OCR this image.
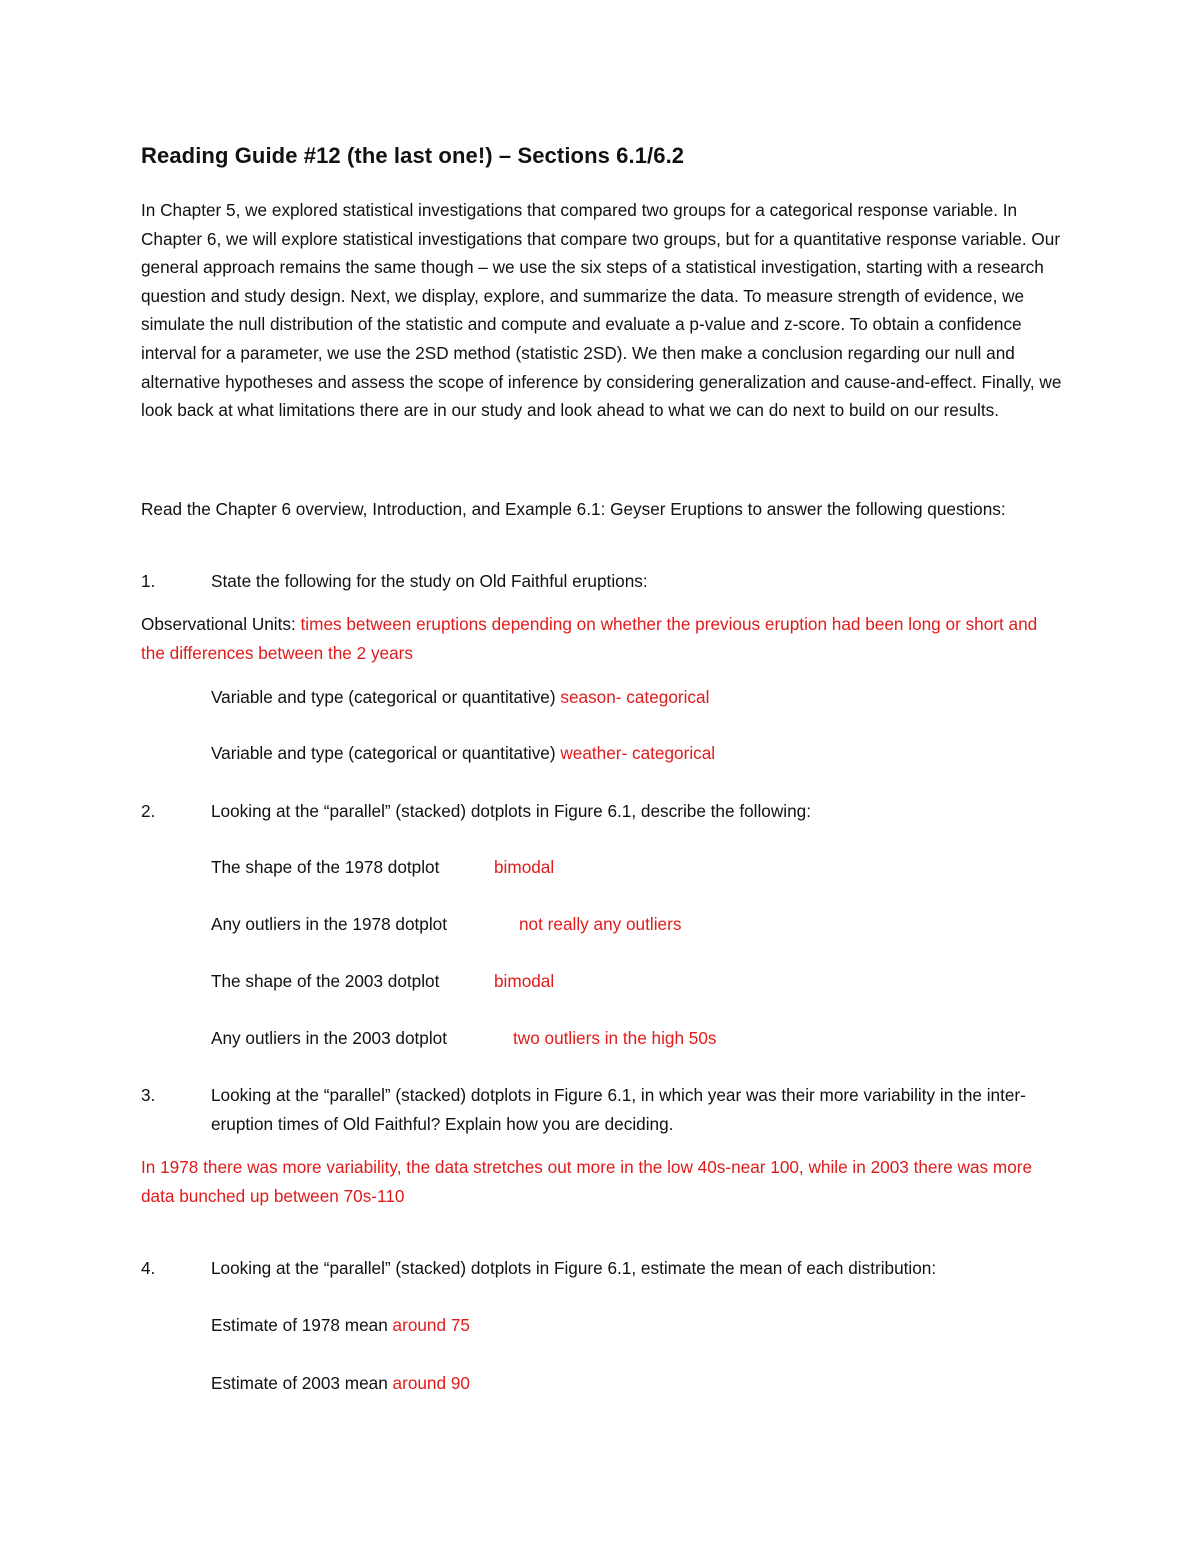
Reading Guide #12 (the last one!) – Sections 6.1/6.2
In Chapter 5, we explored statistical investigations that compared two groups for a categorical response variable. In Chapter 6, we will explore statistical investigations that compare two groups, but for a quantitative response variable. Our general approach remains the same though – we use the six steps of a statistical investigation, starting with a research question and study design. Next, we display, explore, and summarize the data. To measure strength of evidence, we simulate the null distribution of the statistic and compute and evaluate a p-value and z-score. To obtain a confidence interval for a parameter, we use the 2SD method (statistic 2SD). We then make a conclusion regarding our null and alternative hypotheses and assess the scope of inference by considering generalization and cause-and-effect. Finally, we look back at what limitations there are in our study and look ahead to what we can do next to build on our results.
Read the Chapter 6 overview, Introduction, and Example 6.1: Geyser Eruptions to answer the following questions:
1.	State the following for the study on Old Faithful eruptions:
Observational Units: times between eruptions depending on whether the previous eruption had been long or short and the differences between the 2 years
Variable and type (categorical or quantitative) season- categorical
Variable and type (categorical or quantitative) weather- categorical
2.	Looking at the “parallel” (stacked) dotplots in Figure 6.1, describe the following:
The shape of the 1978 dotplot	bimodal
Any outliers in the 1978 dotplot	not really any outliers
The shape of the 2003 dotplot	bimodal
Any outliers in the 2003 dotplot	two outliers in the high 50s
3.	Looking at the “parallel” (stacked) dotplots in Figure 6.1, in which year was their more variability in the inter-eruption times of Old Faithful? Explain how you are deciding.
In 1978 there was more variability, the data stretches out more in the low 40s-near 100, while in 2003 there was more data bunched up between 70s-110
4.	Looking at the “parallel” (stacked) dotplots in Figure 6.1, estimate the mean of each distribution:
Estimate of 1978 mean around 75
Estimate of 2003 mean around 90
